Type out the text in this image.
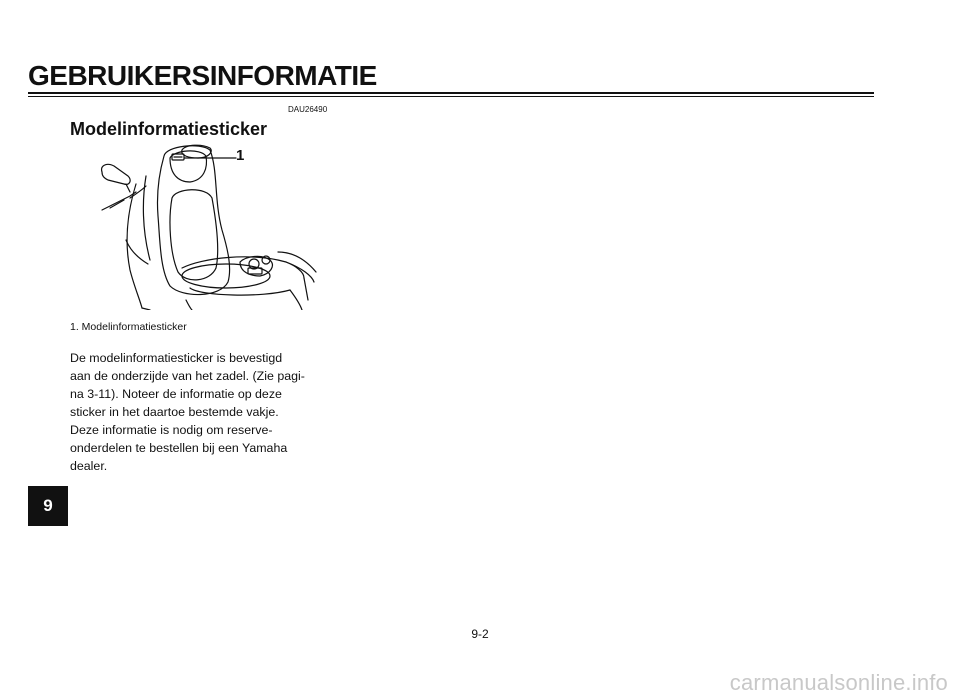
GEBRUIKERSINFORMATIE
DAU26490
Modelinformatiesticker
1
1. Modelinformatiesticker
De modelinformatiesticker is bevestigd
aan de onderzijde van het zadel. (Zie pagi-
na 3-11). Noteer de informatie op deze
sticker in het daartoe bestemde vakje.
Deze informatie is nodig om reserve-
onderdelen te bestellen bij een Yamaha
dealer.
9
9-2
carmanualsonline.info
